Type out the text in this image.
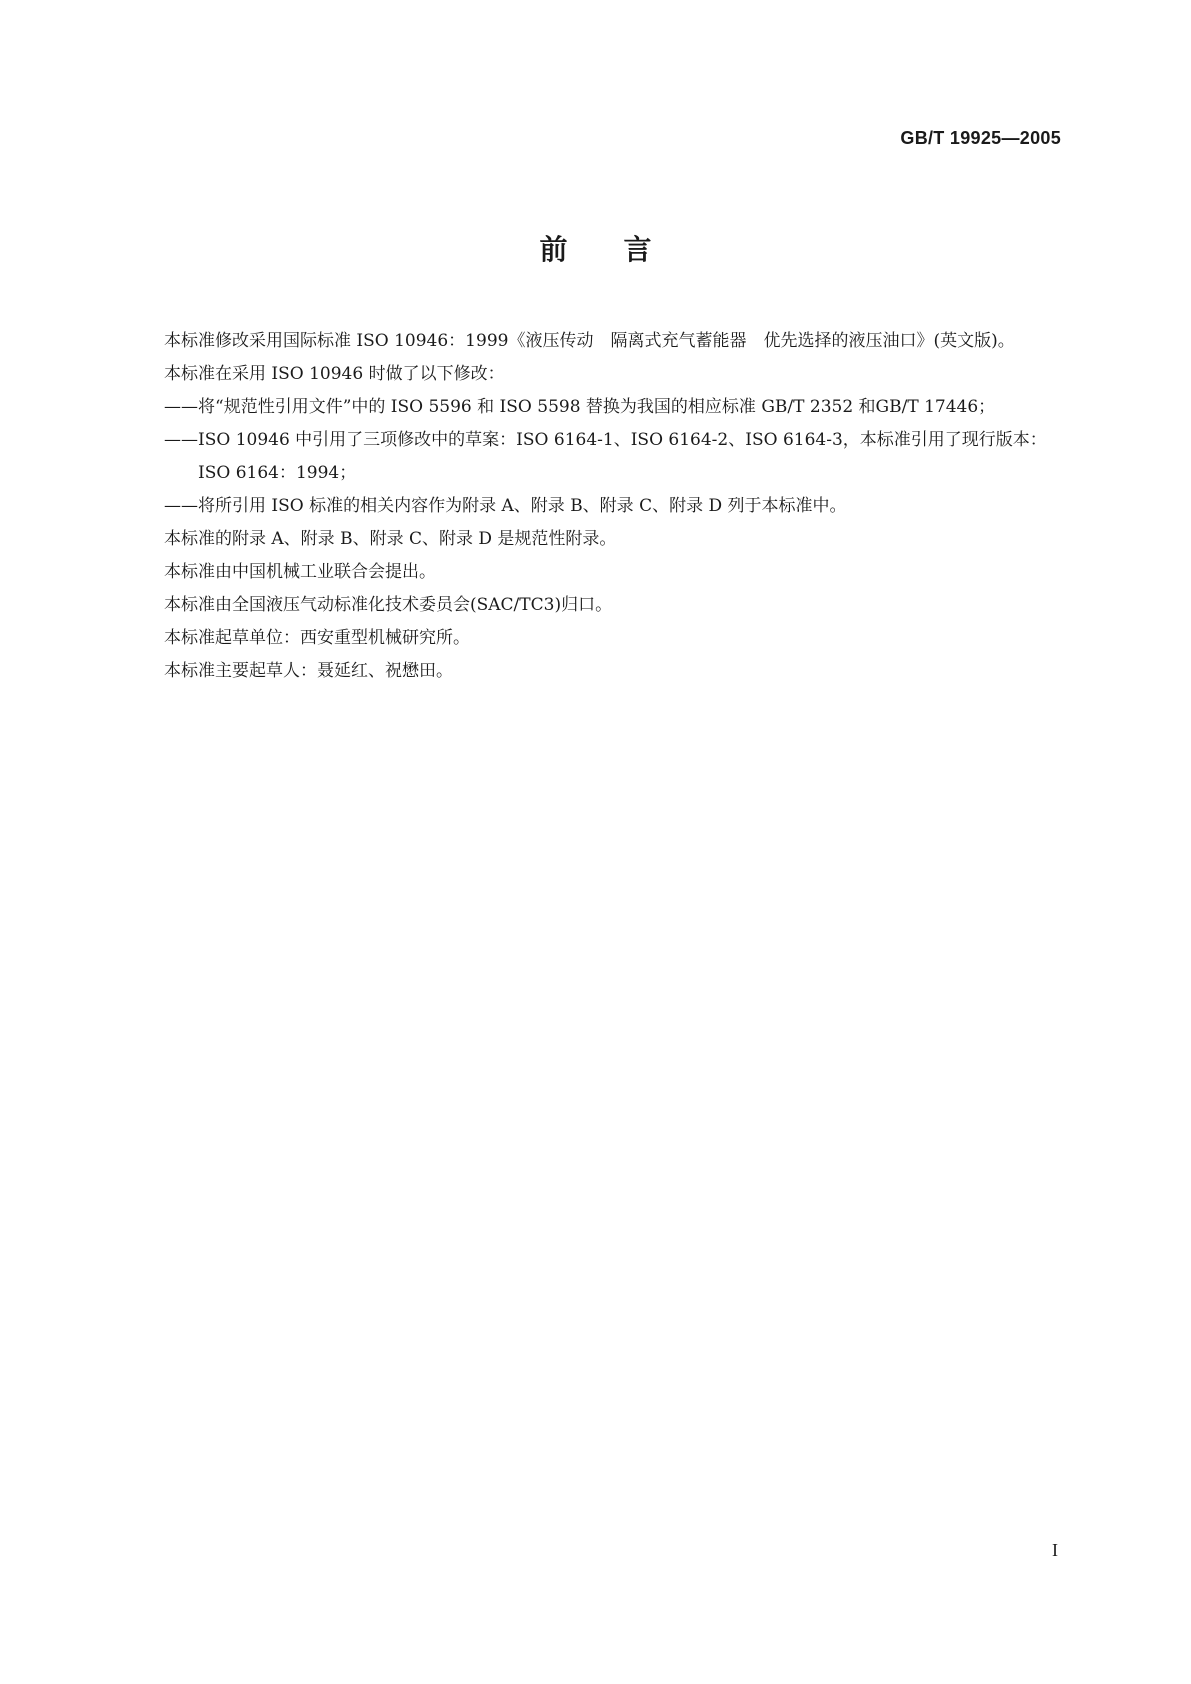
GB/T 19925—2005
前言

本标准修改采用国际标准 ISO 10946：1999《液压传动　隔离式充气蓄能器　优先选择的液压油口》(英文版)。

本标准在采用 ISO 10946 时做了以下修改：

——将“规范性引用文件”中的 ISO 5596 和 ISO 5598 替换为我国的相应标准 GB/T 2352 和GB/T 17446；

——ISO 10946 中引用了三项修改中的草案：ISO 6164-1、ISO 6164-2、ISO 6164-3，本标准引用了现行版本：ISO 6164：1994；

——将所引用 ISO 标准的相关内容作为附录 A、附录 B、附录 C、附录 D 列于本标准中。

本标准的附录 A、附录 B、附录 C、附录 D 是规范性附录。

本标准由中国机械工业联合会提出。

本标准由全国液压气动标准化技术委员会(SAC/TC3)归口。

本标准起草单位：西安重型机械研究所。

本标准主要起草人：聂延红、祝懋田。

I
